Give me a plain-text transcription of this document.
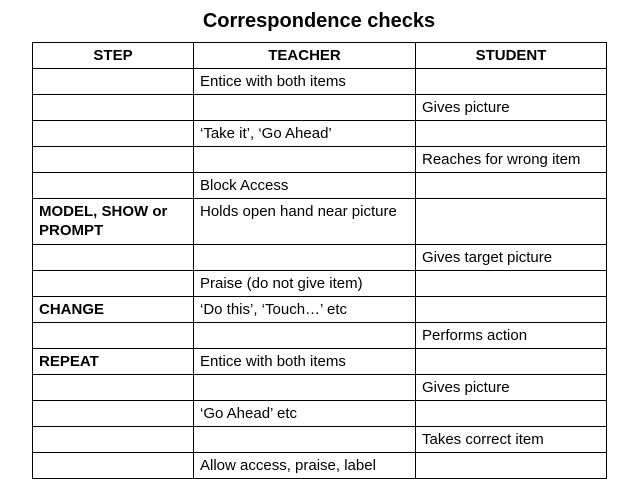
Correspondence checks
STEP	TEACHER	STUDENT
	Entice with both items	
		Gives picture
	‘Take it’, ‘Go Ahead’	
		Reaches for wrong item
	Block Access	
MODEL, SHOW or PROMPT	Holds open hand near picture	
		Gives target picture
	Praise (do not give item)	
CHANGE	‘Do this’, ‘Touch…’ etc	
		Performs action
REPEAT	Entice with both items	
		Gives picture
	‘Go Ahead’ etc	
		Takes correct item
	Allow access, praise, label	
